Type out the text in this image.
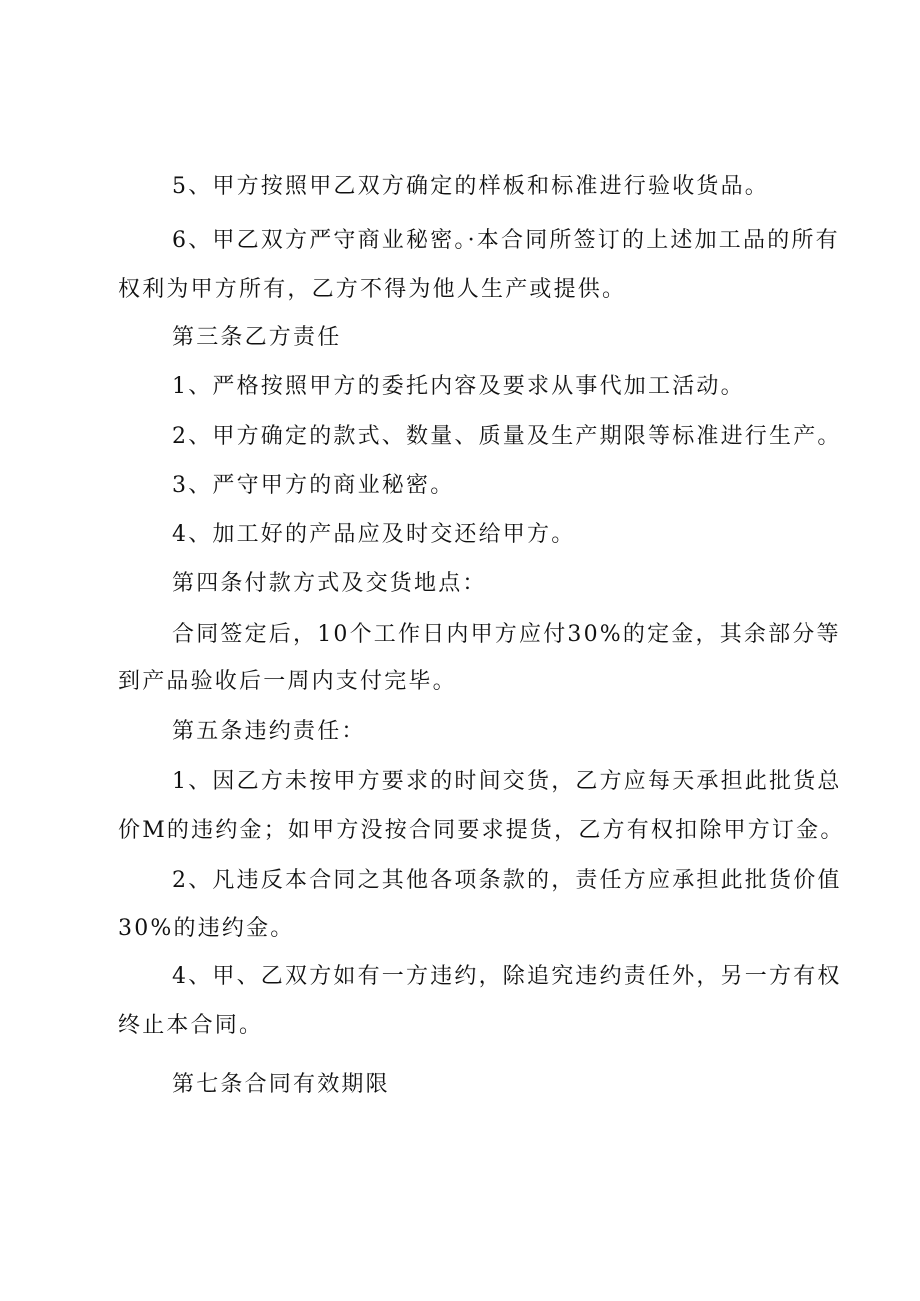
5、甲方按照甲乙双方确定的样板和标准进行验收货品。
6、甲乙双方严守商业秘密。·本合同所签订的上述加工品的所有
权利为甲方所有，乙方不得为他人生产或提供。
第三条乙方责任
1、严格按照甲方的委托内容及要求从事代加工活动。
2、甲方确定的款式、数量、质量及生产期限等标准进行生产。
3、严守甲方的商业秘密。
4、加工好的产品应及时交还给甲方。
第四条付款方式及交货地点：
合同签定后，10个工作日内甲方应付30%的定金，其余部分等
到产品验收后一周内支付完毕。
第五条违约责任：
1、因乙方未按甲方要求的时间交货，乙方应每天承担此批货总
价M的违约金；如甲方没按合同要求提货，乙方有权扣除甲方订金。
2、凡违反本合同之其他各项条款的，责任方应承担此批货价值
30%的违约金。
4、甲、乙双方如有一方违约，除追究违约责任外，另一方有权
终止本合同。
第七条合同有效期限
